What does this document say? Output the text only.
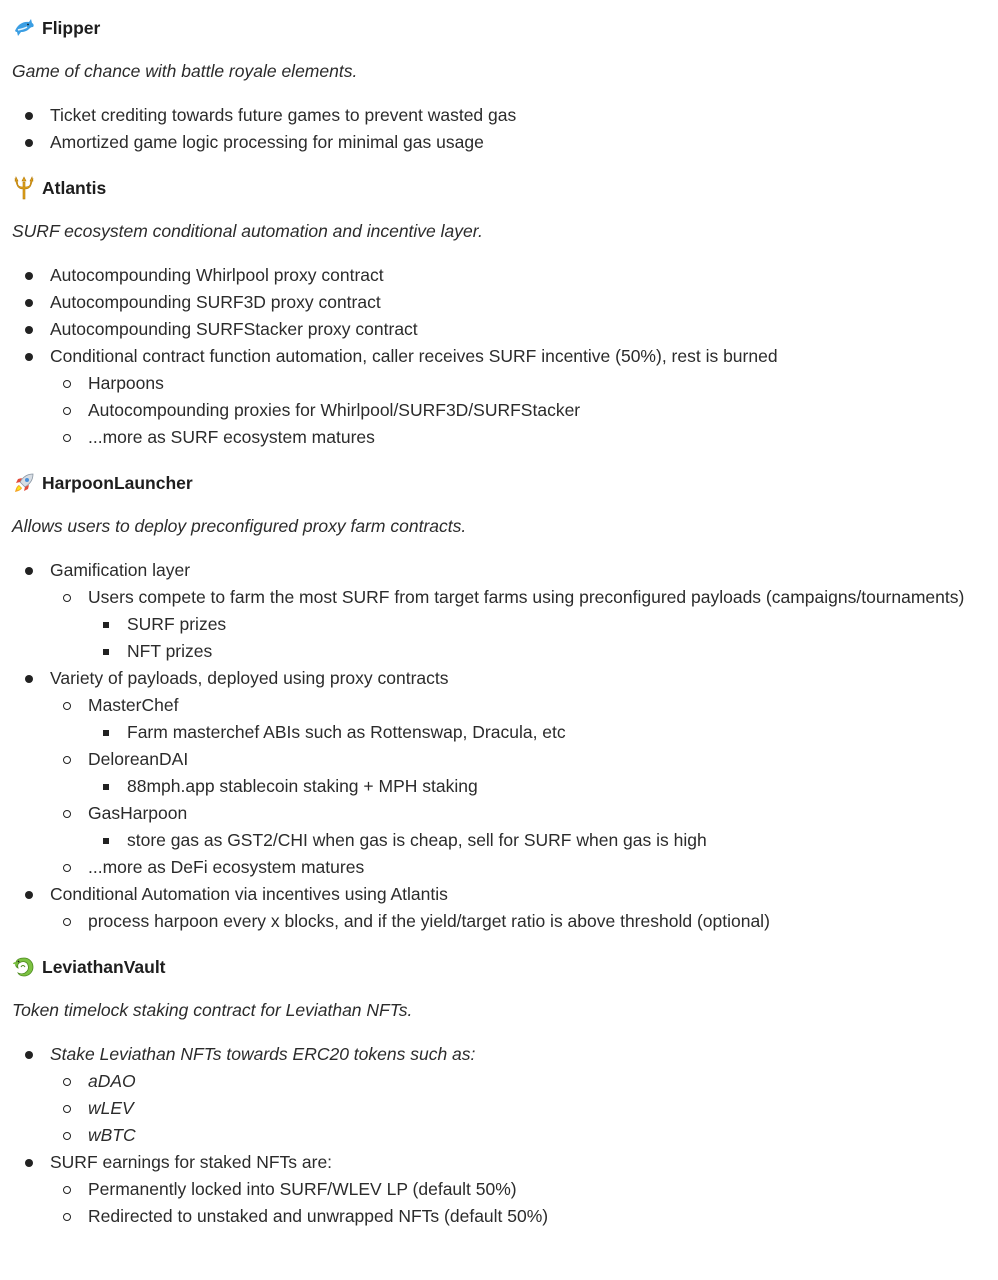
Flipper

Game of chance with battle royale elements.

Ticket crediting towards future games to prevent wasted gas
Amortized game logic processing for minimal gas usage
Atlantis

SURF ecosystem conditional automation and incentive layer.

Autocompounding Whirlpool proxy contract
Autocompounding SURF3D proxy contract
Autocompounding SURFStacker proxy contract
Conditional contract function automation, caller receives SURF incentive (50%), rest is burned
Harpoons
Autocompounding proxies for Whirlpool/SURF3D/SURFStacker
...more as SURF ecosystem matures
HarpoonLauncher

Allows users to deploy preconfigured proxy farm contracts.

Gamification layer
Users compete to farm the most SURF from target farms using preconfigured payloads (campaigns/tournaments)
SURF prizes
NFT prizes
Variety of payloads, deployed using proxy contracts
MasterChef
Farm masterchef ABIs such as Rottenswap, Dracula, etc
DeloreanDAI
88mph.app stablecoin staking + MPH staking
GasHarpoon
store gas as GST2/CHI when gas is cheap, sell for SURF when gas is high
...more as DeFi ecosystem matures
Conditional Automation via incentives using Atlantis
process harpoon every x blocks, and if the yield/target ratio is above threshold (optional)
LeviathanVault

Token timelock staking contract for Leviathan NFTs.

Stake Leviathan NFTs towards ERC20 tokens such as:
aDAO
wLEV
wBTC
SURF earnings for staked NFTs are:
Permanently locked into SURF/WLEV LP (default 50%)
Redirected to unstaked and unwrapped NFTs (default 50%)
